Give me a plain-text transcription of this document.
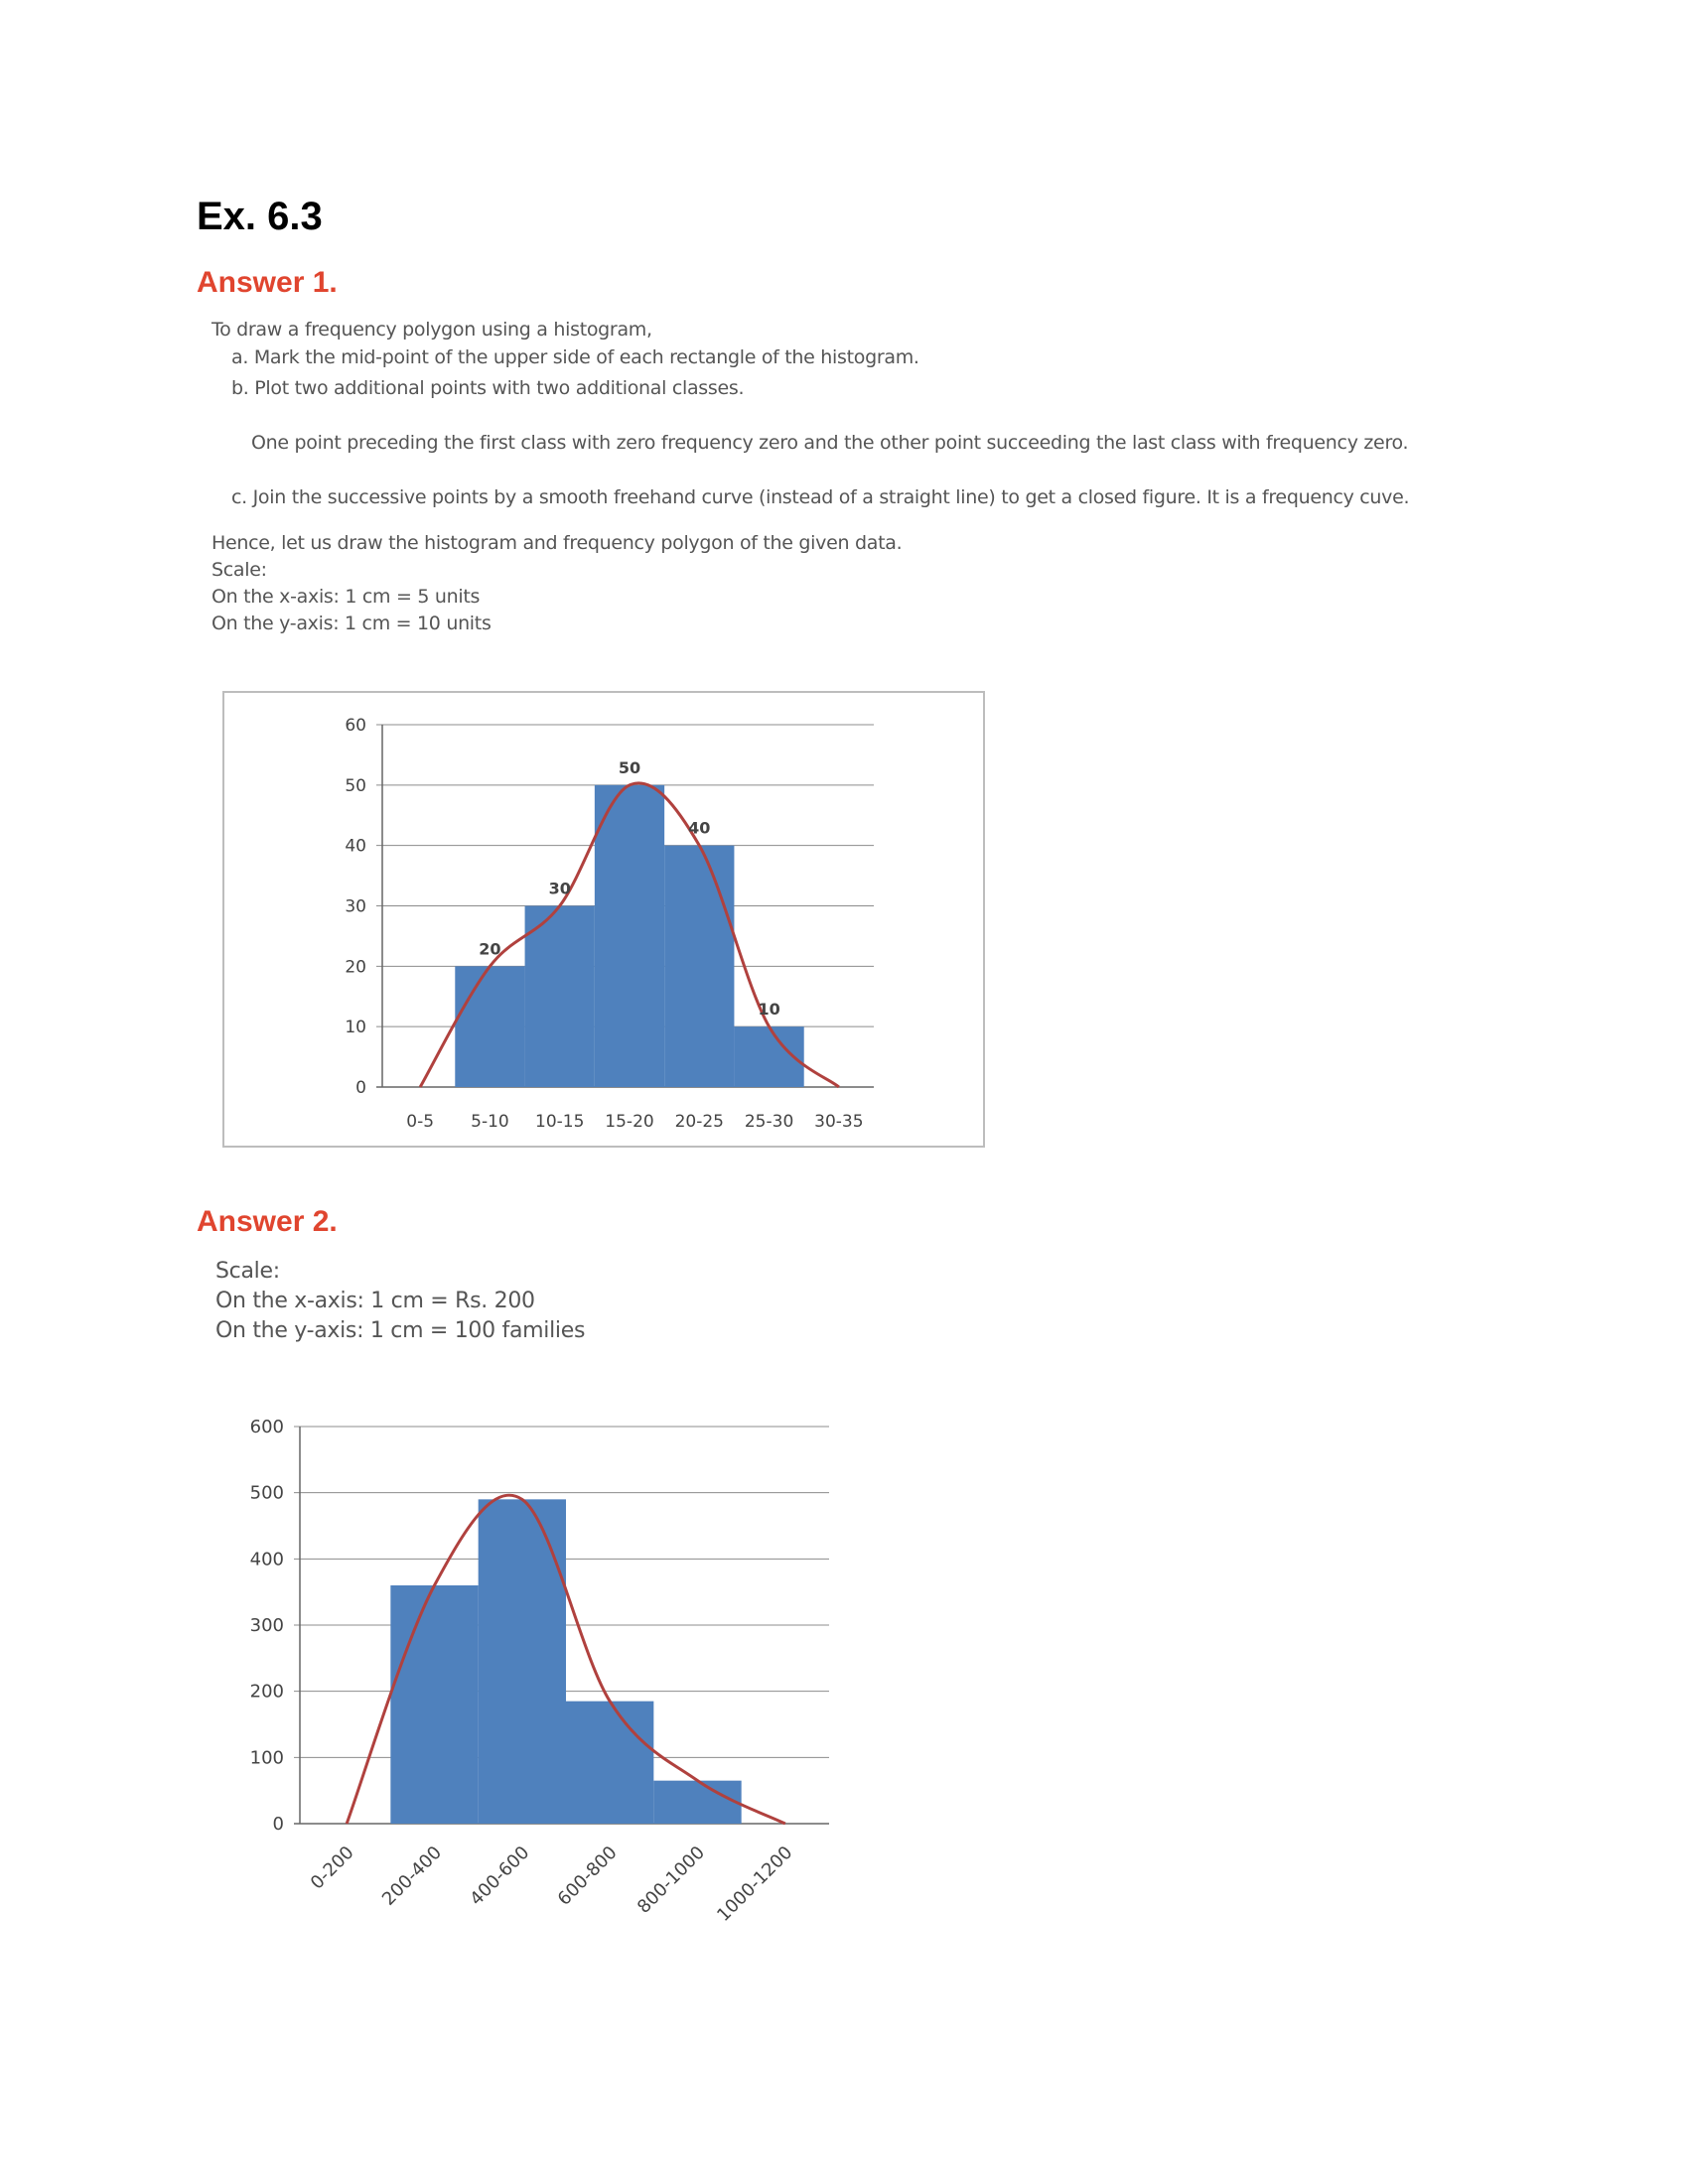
Ex. 6.3
Answer 1.

To draw a frequency polygon using a histogram,

a. Mark the mid-point of the upper side of each rectangle of the histogram.

b. Plot two additional points with two additional classes.

One point preceding the first class with zero frequency zero and the other point succeeding the last class with frequency zero.

c. Join the successive points by a smooth freehand curve (instead of a straight line) to get a closed figure. It is a frequency cuve.

Hence, let us draw the histogram and frequency polygon of the given data.

Scale:

On the x-axis: 1 cm = 5 units

On the y-axis: 1 cm = 10 units

0
10
20
30
40
50
60
0-5 5-10 10-15 15-20 20-25 25-30 30-35
20
30
50
40
10
Answer 2.

Scale:

On the x-axis: 1 cm = Rs. 200

On the y-axis: 1 cm = 100 families

0
100
200
300
400
500
600
0-200 200-400 400-600 600-800 800-1000 1000-1200
